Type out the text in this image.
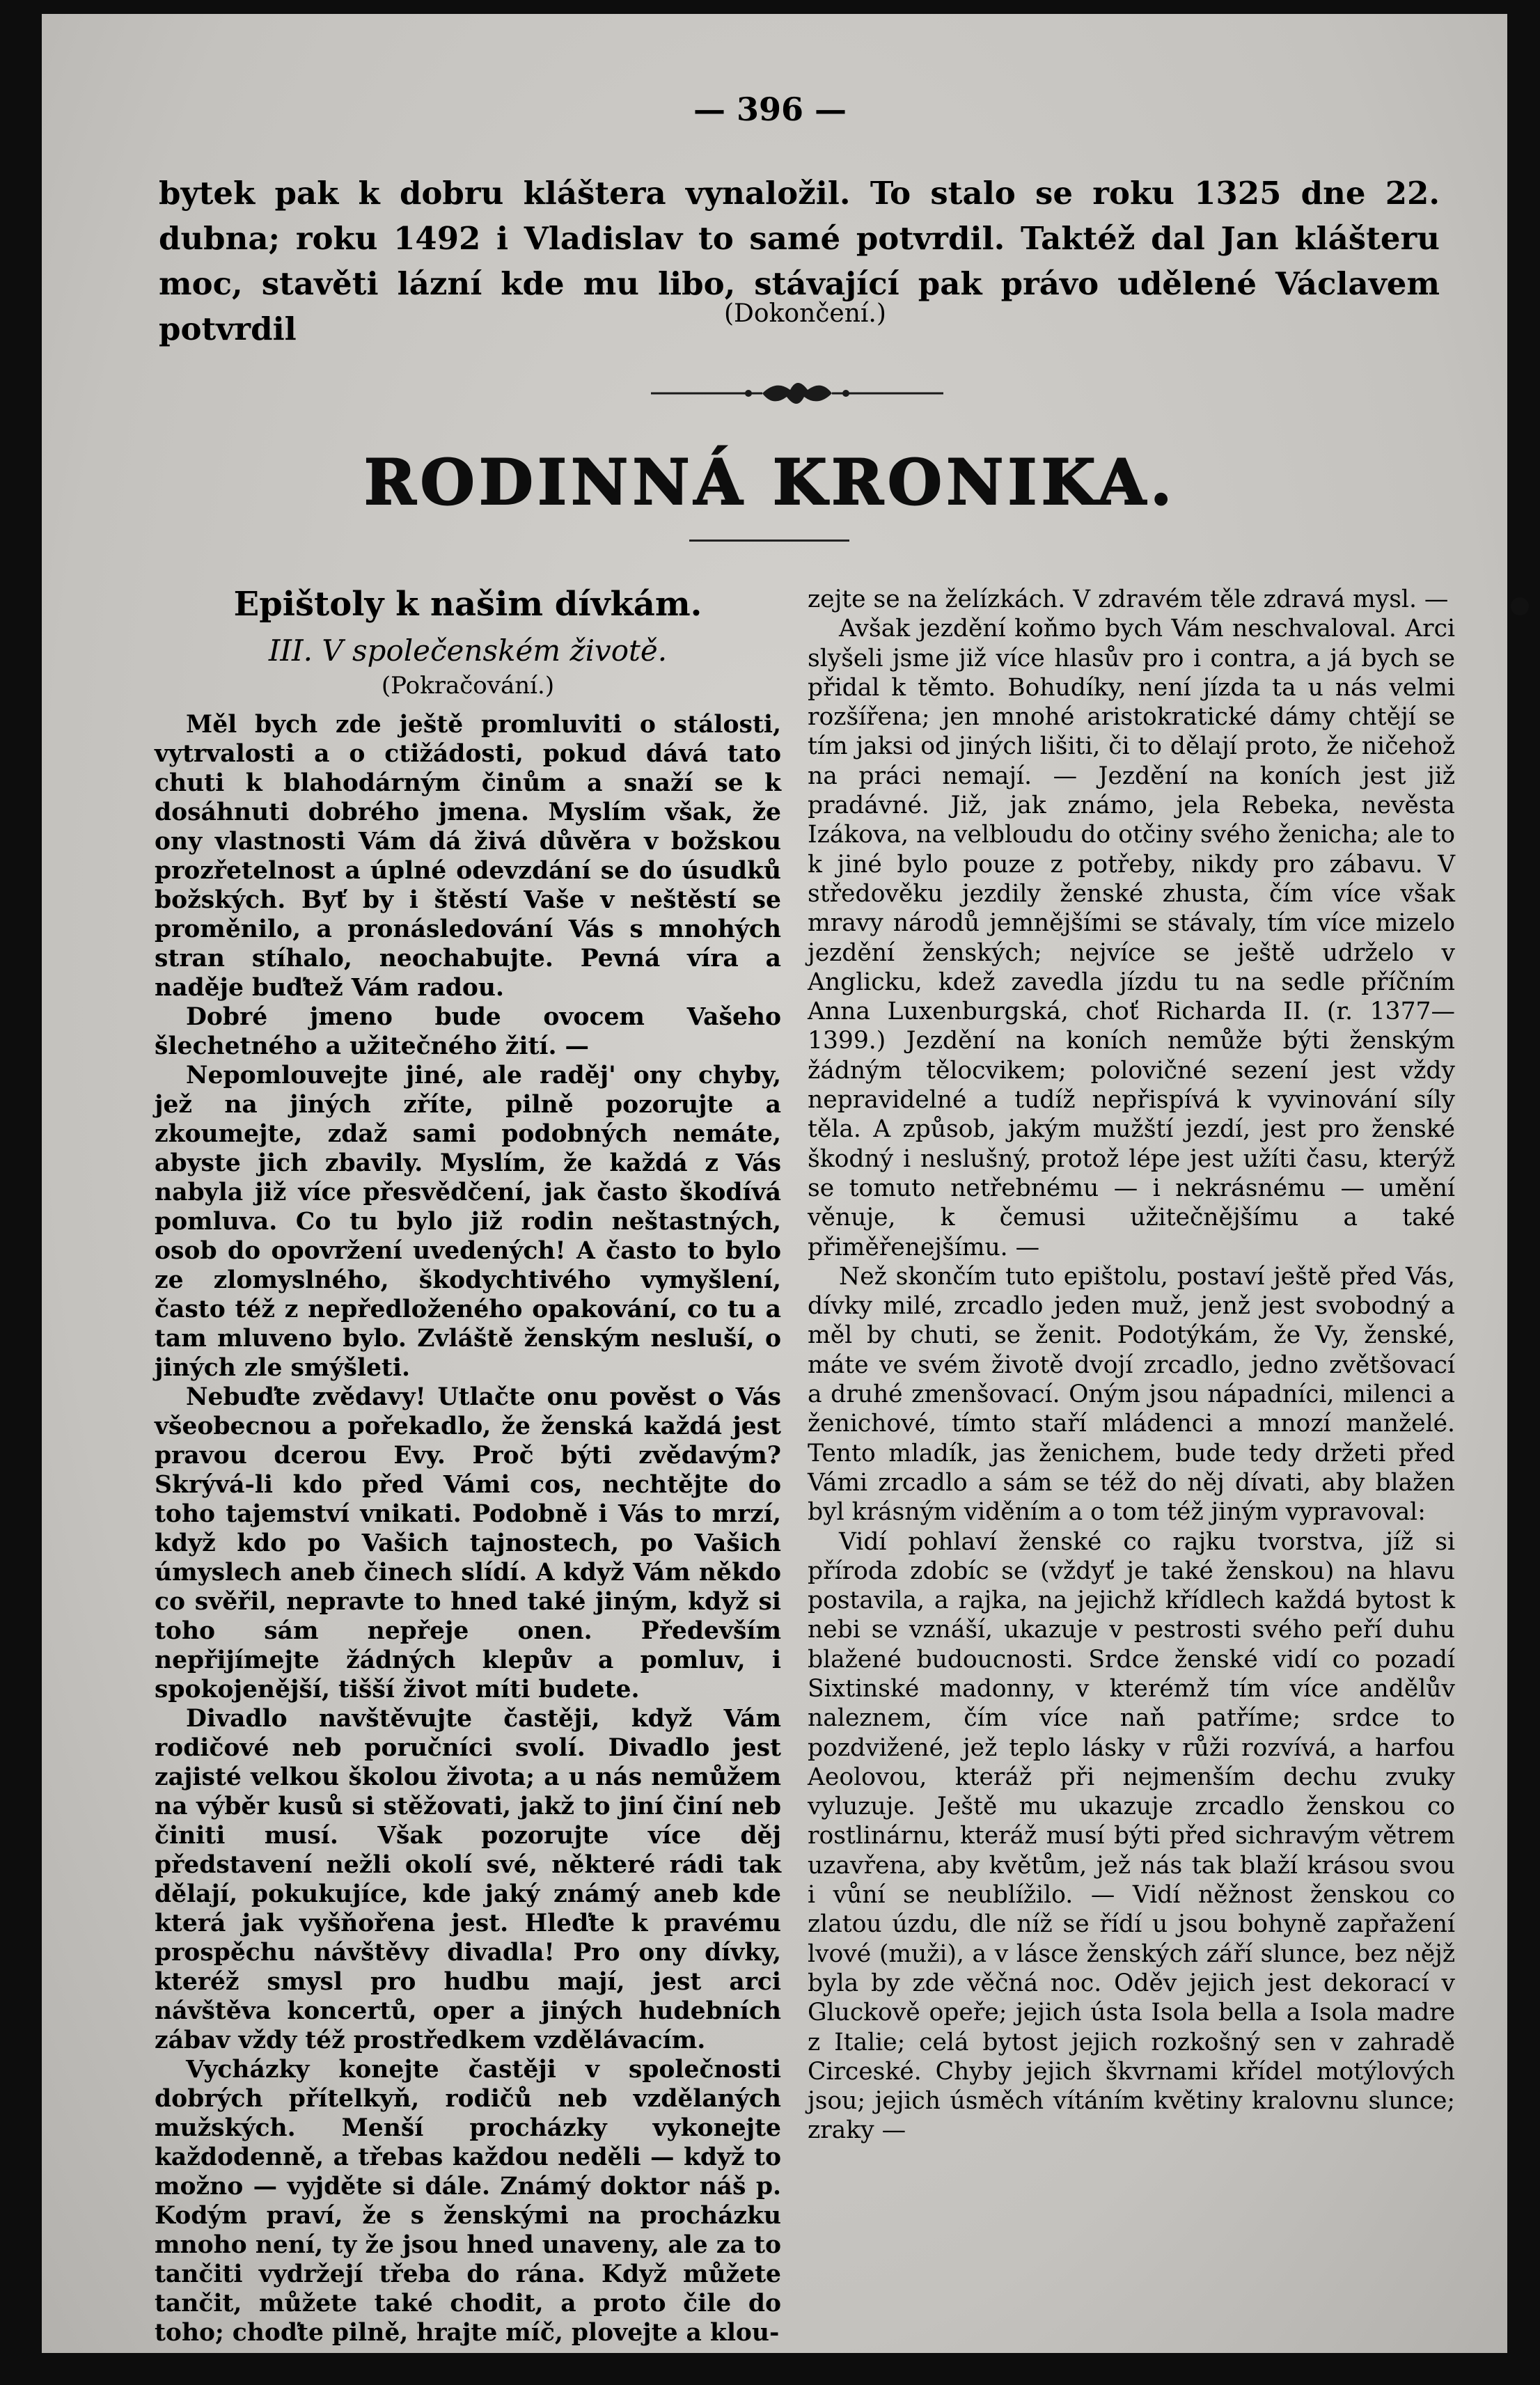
— 396 —

bytek pak k dobru kláštera vynaložil. To stalo se roku 1325 dne 22. dubna; roku 1492 i Vladislav to samé potvrdil. Taktéž dal Jan klášteru moc, stavěti lázní kde mu libo, stávající pak právo udělené Václavem potvrdil	(Dokončení.)
RODINNÁ KRONIKA.
Epištoly k našim dívkám.
III. V společenském životě.
(Pokračování.)

Měl bych zde ještě promluviti o stálosti, vytrvalosti a o ctižádosti, pokud dává tato chuti k blahodárným činům a snaží se k dosáhnuti dobrého jmena. Myslím však, že ony vlastnosti Vám dá živá důvěra v božskou prozřetelnost a úplné odevzdání se do úsudků božských. Byť by i štěstí Vaše v neštěstí se proměnilo, a pronásledování Vás s mnohých stran stíhalo, neochabujte. Pevná víra a naděje buďtež Vám radou.

Dobré jmeno bude ovocem Vašeho šlechetného a užitečného žití. —

Nepomlouvejte jiné, ale raděj' ony chyby, jež na jiných zříte, pilně pozorujte a zkoumejte, zdaž sami podobných nemáte, abyste jich zbavily. Myslím, že každá z Vás nabyla již více přesvědčení, jak často škodívá pomluva. Co tu bylo již rodin neštastných, osob do opovržení uvedených! A často to bylo ze zlomyslného, škodychtivého vymyšlení, často též z nepředloženého opakování, co tu a tam mluveno bylo. Zvláště ženským nesluší, o jiných zle smýšleti.

Nebuďte zvědavy! Utlačte onu pověst o Vás všeobecnou a pořekadlo, že ženská každá jest pravou dcerou Evy. Proč býti zvědavým? Skrývá-li kdo před Vámi cos, nechtějte do toho tajemství vnikati. Podobně i Vás to mrzí, když kdo po Vašich tajnostech, po Vašich úmyslech aneb činech slídí. A když Vám někdo co svěřil, nepravte to hned také jiným, když si toho sám nepřeje onen. Především nepřijímejte žádných klepův a pomluv, i spokojenější, tišší život míti budete.

Divadlo navštěvujte častěji, když Vám rodičové neb poručníci svolí. Divadlo jest zajisté velkou školou života; a u nás nemůžem na výběr kusů si stěžovati, jakž to jiní činí neb činiti musí. Však pozorujte více děj představení nežli okolí své, některé rádi tak dělají, pokukujíce, kde jaký známý aneb kde která jak vyšňořena jest. Hleďte k pravému prospěchu návštěvy divadla! Pro ony dívky, kteréž smysl pro hudbu mají, jest arci návštěva koncertů, oper a jiných hudebních zábav vždy též prostředkem vzdělávacím.

Vycházky konejte častěji v společnosti dobrých přítelkyň, rodičů neb vzdělaných mužských. Menší procházky vykonejte každodenně, a třebas každou neděli — když to možno — vyjděte si dále. Známý doktor náš p. Kodým praví, že s ženskými na procházku mnoho není, ty že jsou hned unaveny, ale za to tančiti vydržejí třeba do rána. Když můžete tančit, můžete také chodit, a proto čile do toho; choďte pilně, hrajte míč, plovejte a klou-

zejte se na želízkách. V zdravém těle zdravá mysl. —

Avšak jezdění koňmo bych Vám neschvaloval. Arci slyšeli jsme již více hlasův pro i contra, a já bych se přidal k těmto. Bohudíky, není jízda ta u nás velmi rozšířena; jen mnohé aristokratické dámy chtějí se tím jaksi od jiných lišiti, či to dělají proto, že ničehož na práci nemají. — Jezdění na koních jest již pradávné. Již, jak známo, jela Rebeka, nevěsta Izákova, na velbloudu do otčiny svého ženicha; ale to k jiné bylo pouze z potřeby, nikdy pro zábavu. V středověku jezdily ženské zhusta, čím více však mravy národů jemnějšími se stávaly, tím více mizelo jezdění ženských; nejvíce se ještě udrželo v Anglicku, kdež zavedla jízdu tu na sedle příčním Anna Luxenburgská, choť Richarda II. (r. 1377—1399.) Jezdění na koních nemůže býti ženským žádným tělocvikem; polovičné sezení jest vždy nepravidelné a tudíž nepřispívá k vyvinování síly těla. A způsob, jakým mužští jezdí, jest pro ženské škodný i neslušný, protož lépe jest užíti času, kterýž se tomuto netřebnému — i nekrásnému — umění věnuje, k čemusi užitečnějšímu a také přiměřenejšímu. —

Než skončím tuto epištolu, postaví ještě před Vás, dívky milé, zrcadlo jeden muž, jenž jest svobodný a měl by chuti, se ženit. Podotýkám, že Vy, ženské, máte ve svém životě dvojí zrcadlo, jedno zvětšovací a druhé zmenšovací. Oným jsou nápadníci, milenci a ženichové, tímto staří mládenci a mnozí manželé. Tento mladík, jas ženichem, bude tedy držeti před Vámi zrcadlo a sám se též do něj dívati, aby blažen byl krásným viděním a o tom též jiným vypravoval:

Vidí pohlaví ženské co rajku tvorstva, jíž si příroda zdobíc se (vždyť je také ženskou) na hlavu postavila, a rajka, na jejichž křídlech každá bytost k nebi se vznáší, ukazuje v pestrosti svého peří duhu blažené budoucnosti. Srdce ženské vidí co pozadí Sixtinské madonny, v kterémž tím více andělův naleznem, čím více naň patříme; srdce to pozdvižené, jež teplo lásky v růži rozvívá, a harfou Aeolovou, kteráž při nejmenším dechu zvuky vyluzuje. Ještě mu ukazuje zrcadlo ženskou co rostlinárnu, kteráž musí býti před sichravým větrem uzavřena, aby květům, jež nás tak blaží krásou svou i vůní se neublížilo. — Vidí něžnost ženskou co zlatou úzdu, dle níž se řídí u jsou bohyně zapřažení lvové (muži), a v lásce ženských září slunce, bez nějž byla by zde věčná noc. Oděv jejich jest dekorací v Gluckově opeře; jejich ústa Isola bella a Isola madre z Italie; celá bytost jejich rozkošný sen v zahradě Circeské. Chyby jejich škvrnami křídel motýlových jsou; jejich úsměch vítáním květiny kralovnu slunce; zraky —
